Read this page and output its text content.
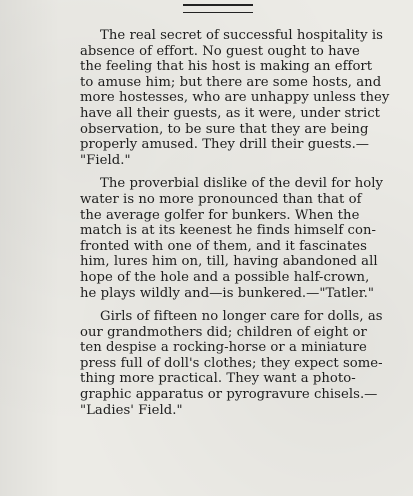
The real secret of successful hospitality is
absence of effort. No guest ought to have
the feeling that his host is making an effort
to amuse him; but there are some hosts, and
more hostesses, who are unhappy unless they
have all their guests, as it were, under strict
observation, to be sure that they are being
properly amused. They drill their guests.—
"Field."

The proverbial dislike of the devil for holy
water is no more pronounced than that of
the average golfer for bunkers. When the
match is at its keenest he finds himself con-
fronted with one of them, and it fascinates
him, lures him on, till, having abandoned all
hope of the hole and a possible half-crown,
he plays wildly and—is bunkered.—"Tatler."

Girls of fifteen no longer care for dolls, as
our grandmothers did; children of eight or
ten despise a rocking-horse or a miniature
press full of doll's clothes; they expect some-
thing more practical. They want a photo-
graphic apparatus or pyrogravure chisels.—
"Ladies' Field."
